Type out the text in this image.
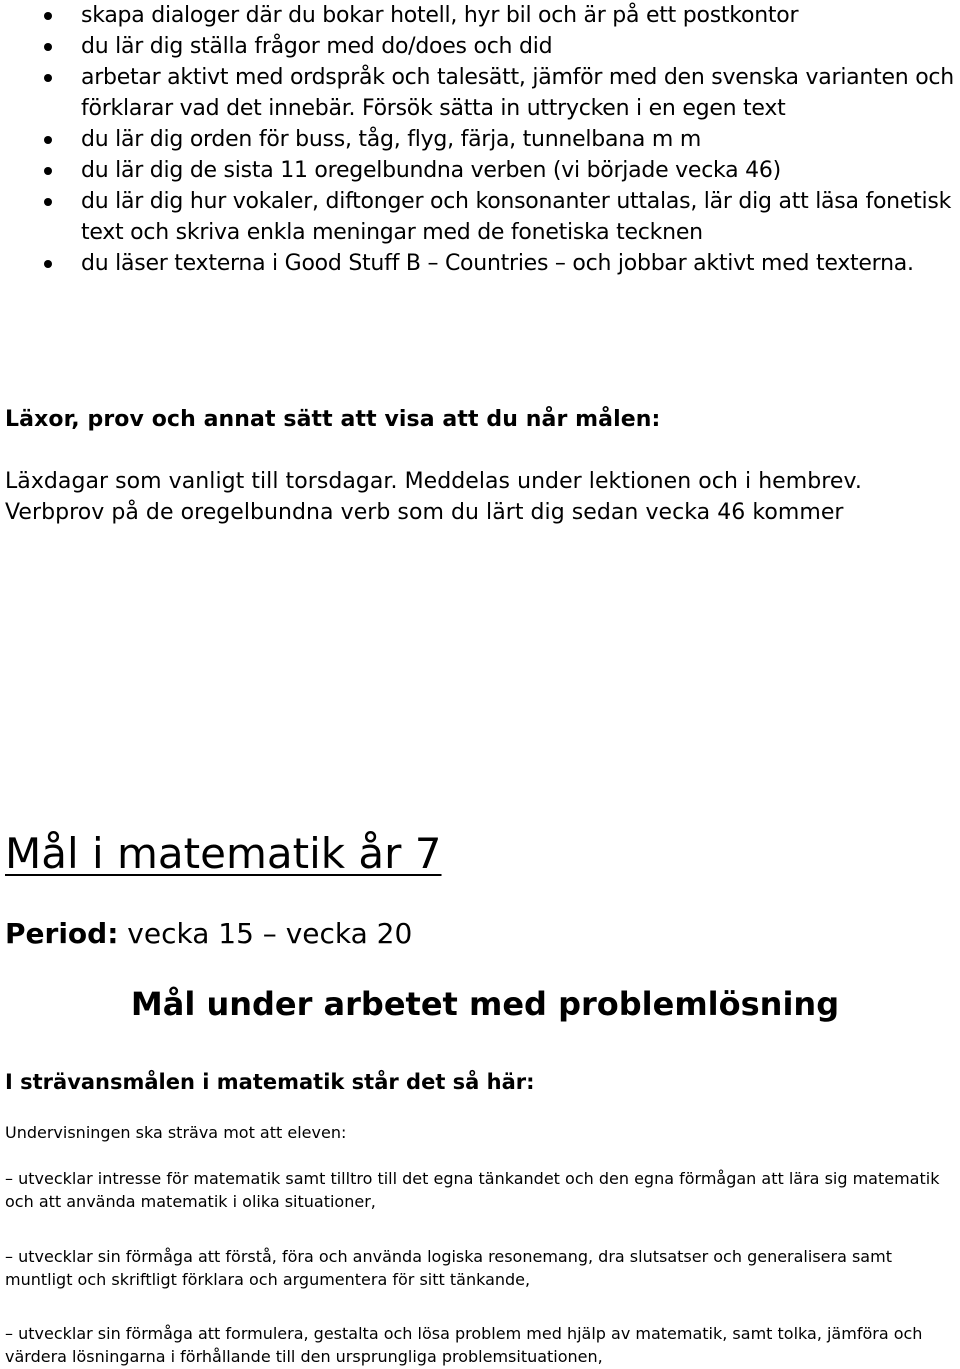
skapa dialoger där du bokar hotell, hyr bil och är på ett postkontor
du lär dig ställa frågor med do/does och did
arbetar aktivt med ordspråk och talesätt, jämför med den svenska varianten och förklarar vad det innebär. Försök sätta in uttrycken i en egen text
du lär dig orden för buss, tåg, flyg, färja, tunnelbana m m
du lär dig de sista 11 oregelbundna verben (vi började vecka 46)
du lär dig hur vokaler, diftonger och konsonanter uttalas, lär dig att läsa fonetisk text och skriva enkla meningar med de fonetiska tecknen
du läser texterna i Good Stuff B – Countries – och jobbar aktivt med texterna.

Läxor, prov och annat sätt att visa att du når målen:

Läxdagar som vanligt till torsdagar. Meddelas under lektionen och i hembrev. Verbprov på de oregelbundna verb som du lärt dig sedan vecka 46 kommer

Mål i matematik år 7

Period: vecka 15 – vecka 20

Mål under arbetet med problemlösning
I strävansmålen i matematik står det så här:

Undervisningen ska sträva mot att eleven:

– utvecklar intresse för matematik samt tilltro till det egna tänkandet och den egna förmågan att lära sig matematik och att använda matematik i olika situationer,

– utvecklar sin förmåga att förstå, föra och använda logiska resonemang, dra slutsatser och generalisera samt muntligt och skriftligt förklara och argumentera för sitt tänkande,

– utvecklar sin förmåga att formulera, gestalta och lösa problem med hjälp av matematik, samt tolka, jämföra och värdera lösningarna i förhållande till den ursprungliga problemsituationen,
